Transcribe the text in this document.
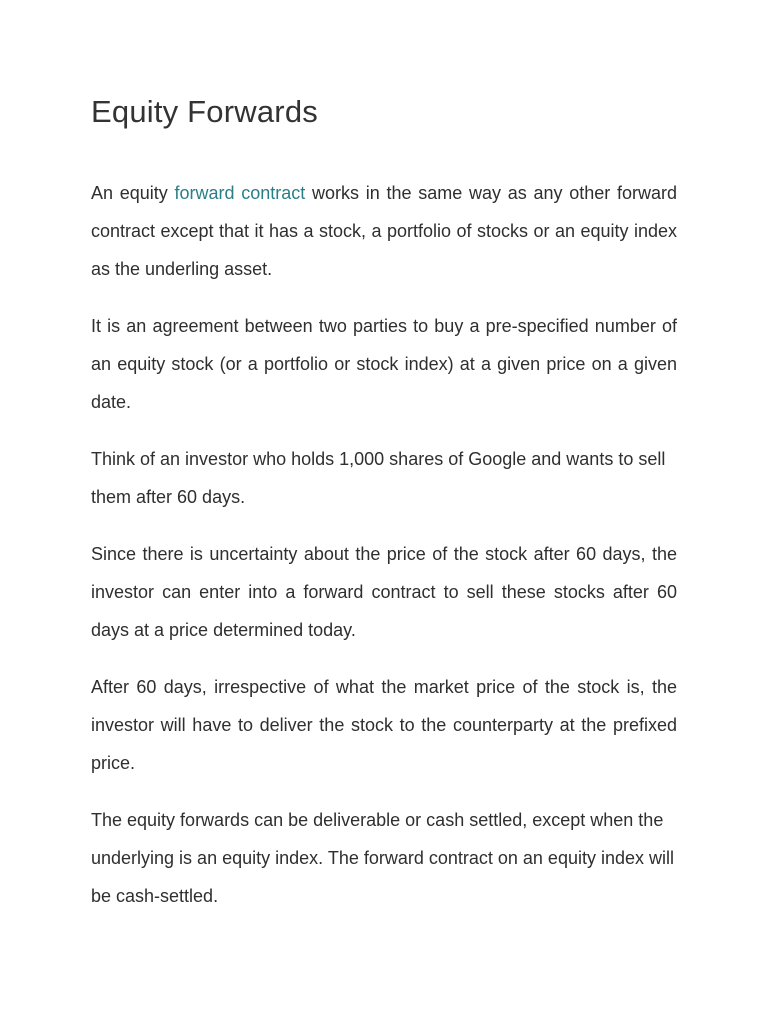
Equity Forwards

An equity forward contract works in the same way as any other forward contract except that it has a stock, a portfolio of stocks or an equity index as the underling asset.

It is an agreement between two parties to buy a pre-specified number of an equity stock (or a portfolio or stock index) at a given price on a given date.

Think of an investor who holds 1,000 shares of Google and wants to sell them after 60 days.

Since there is uncertainty about the price of the stock after 60 days, the investor can enter into a forward contract to sell these stocks after 60 days at a price determined today.

After 60 days, irrespective of what the market price of the stock is, the investor will have to deliver the stock to the counterparty at the prefixed price.

The equity forwards can be deliverable or cash settled, except when the underlying is an equity index. The forward contract on an equity index will be cash-settled.
